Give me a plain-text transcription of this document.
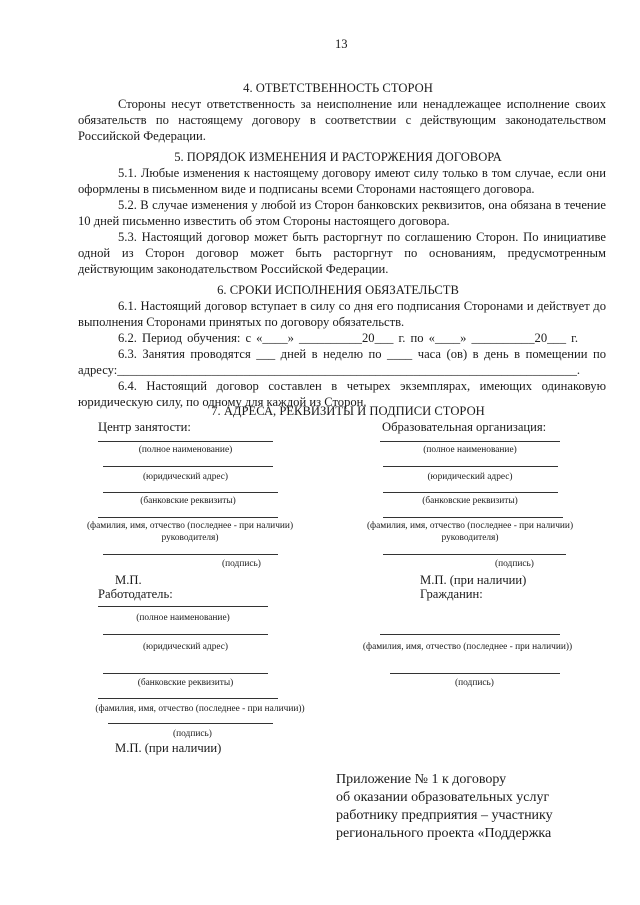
13
4. ОТВЕТСТВЕННОСТЬ СТОРОН
Стороны несут ответственность за неисполнение или ненадлежащее исполнение своих
обязательств по настоящему договору в соответствии с действующим законодательством
Российской Федерации.
5. ПОРЯДОК ИЗМЕНЕНИЯ И РАСТОРЖЕНИЯ ДОГОВОРА
5.1. Любые изменения к настоящему договору имеют силу только в том случае, если они
оформлены в письменном виде и подписаны всеми Сторонами настоящего договора.
5.2. В случае изменения у любой из Сторон банковских реквизитов, она обязана в течение
10 дней письменно известить об этом Стороны настоящего договора.
5.3. Настоящий договор может быть расторгнут по соглашению Сторон. По инициативе
одной из Сторон договор может быть расторгнут по основаниям, предусмотренным
действующим законодательством Российской Федерации.
6. СРОКИ ИСПОЛНЕНИЯ ОБЯЗАТЕЛЬСТВ
6.1. Настоящий договор вступает в силу со дня его подписания Сторонами и действует до
выполнения Сторонами принятых по договору обязательств.
6.2. Период обучения: с «____» __________20___ г. по «____» __________20___ г.
6.3. Занятия проводятся ___ дней в неделю по ____ часа (ов) в день в помещении по
адресу:_________________________________________________________________________.
6.4. Настоящий договор составлен в четырех экземплярах, имеющих одинаковую
юридическую силу, по одному для каждой из Сторон.
7. АДРЕСА, РЕКВИЗИТЫ И ПОДПИСИ СТОРОН
Центр занятости:
(полное наименование)
(юридический адрес)
(банковские реквизиты)
(фамилия, имя, отчество (последнее - при наличии)
руководителя)
(подпись)
М.П.
Работодатель:
(полное наименование)
(юридический адрес)
(банковские реквизиты)
(фамилия, имя, отчество (последнее - при наличии))
(подпись)
М.П. (при наличии)
Образовательная организация:
(полное наименование)
(юридический адрес)
(банковские реквизиты)
(фамилия, имя, отчество (последнее - при наличии)
руководителя)
(подпись)
М.П. (при наличии)
Гражданин:
(фамилия, имя, отчество (последнее - при наличии))
(подпись)
Приложение № 1 к договору
об оказании образовательных услуг
работнику предприятия – участнику
регионального проекта «Поддержка
